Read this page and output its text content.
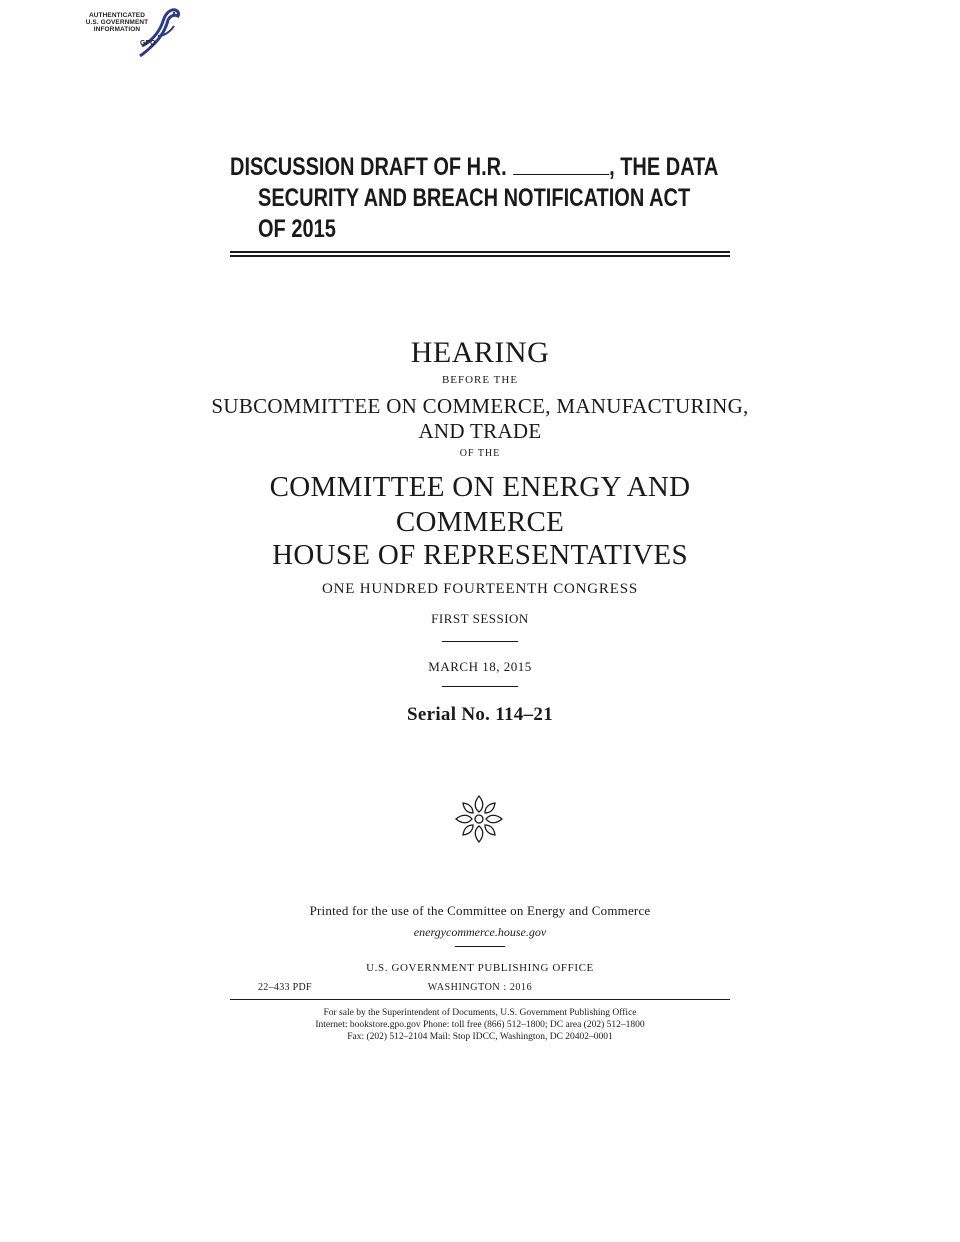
AUTHENTICATED
U.S. GOVERNMENT
INFORMATION
GPO
DISCUSSION DRAFT OF H.R.	, THE DATA
SECURITY AND BREACH NOTIFICATION ACT
OF 2015
HEARING
BEFORE THE
SUBCOMMITTEE ON COMMERCE, MANUFACTURING,
AND TRADE
OF THE
COMMITTEE ON ENERGY AND
COMMERCE
HOUSE OF REPRESENTATIVES
ONE HUNDRED FOURTEENTH CONGRESS
FIRST SESSION
MARCH 18, 2015
Serial No. 114–21
Printed for the use of the Committee on Energy and Commerce
energycommerce.house.gov
U.S. GOVERNMENT PUBLISHING OFFICE
22–433 PDF	WASHINGTON : 2016
For sale by the Superintendent of Documents, U.S. Government Publishing Office
Internet: bookstore.gpo.gov Phone: toll free (866) 512–1800; DC area (202) 512–1800
Fax: (202) 512–2104 Mail: Stop IDCC, Washington, DC 20402–0001
